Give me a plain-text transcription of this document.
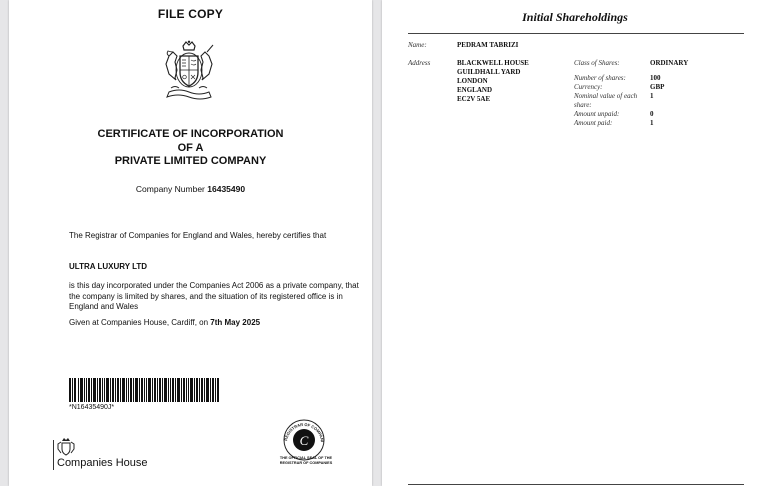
FILE COPY
CERTIFICATE OF INCORPORATION
OF A
PRIVATE LIMITED COMPANY
Company Number 16435490
The Registrar of Companies for England and Wales, hereby certifies that
ULTRA LUXURY LTD
is this day incorporated under the Companies Act 2006 as a private company, that the company is limited by shares, and the situation of its registered office is in England and Wales
Given at Companies House, Cardiff, on 7th May 2025
*N16435490J*
Companies House
C
REGISTRAR OF COMPANI
THE OFFICIAL SEAL OF THE
REGISTRAR OF COMPANIES
Initial Shareholdings
Name:	PEDRAM TABRIZI
Address	BLACKWELL HOUSE
GUILDHALL YARD
LONDON
ENGLAND
EC2V 5AE
Class of Shares:
Number of shares:
Currency:
Nominal value of each
share:
Amount unpaid:
Amount paid:
ORDINARY
100
GBP
1
0
1
